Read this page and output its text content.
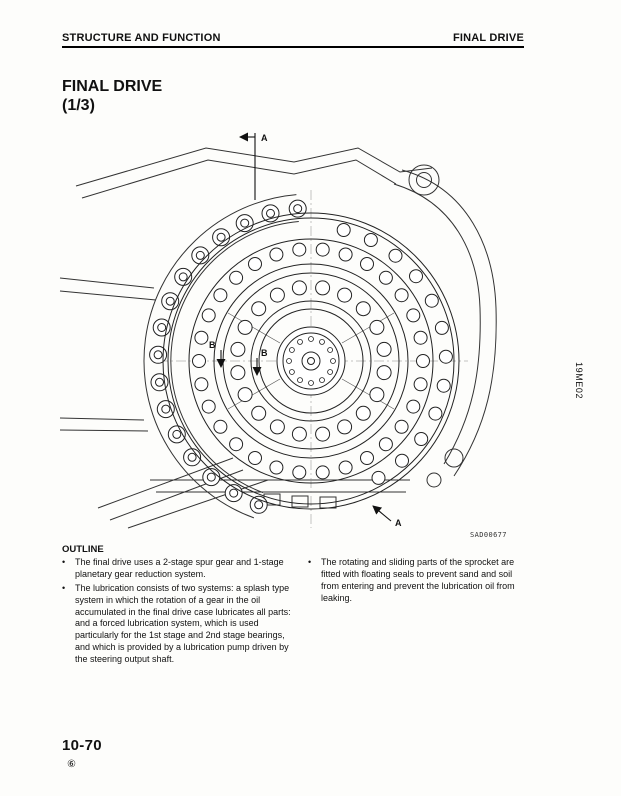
STRUCTURE AND FUNCTION	FINAL DRIVE
FINAL DRIVE
(1/3)
A
A
B
B
SAD00677
19ME02
OUTLINE
•	The final drive uses a 2-stage spur gear and 1-stage planetary gear reduction system.
•	The lubrication consists of two systems: a splash type system in which the rotation of a gear in the oil accumulated in the final drive case lubricates all parts: and a forced lubrication system, which is used particularly for the 1st stage and 2nd stage bearings, and which is provided by a lubrication pump driven by the steering output shaft.
•	The rotating and sliding parts of the sprocket are fitted with floating seals to prevent sand and soil from entering and prevent the lubrication oil from leaking.
10-70
⑥
